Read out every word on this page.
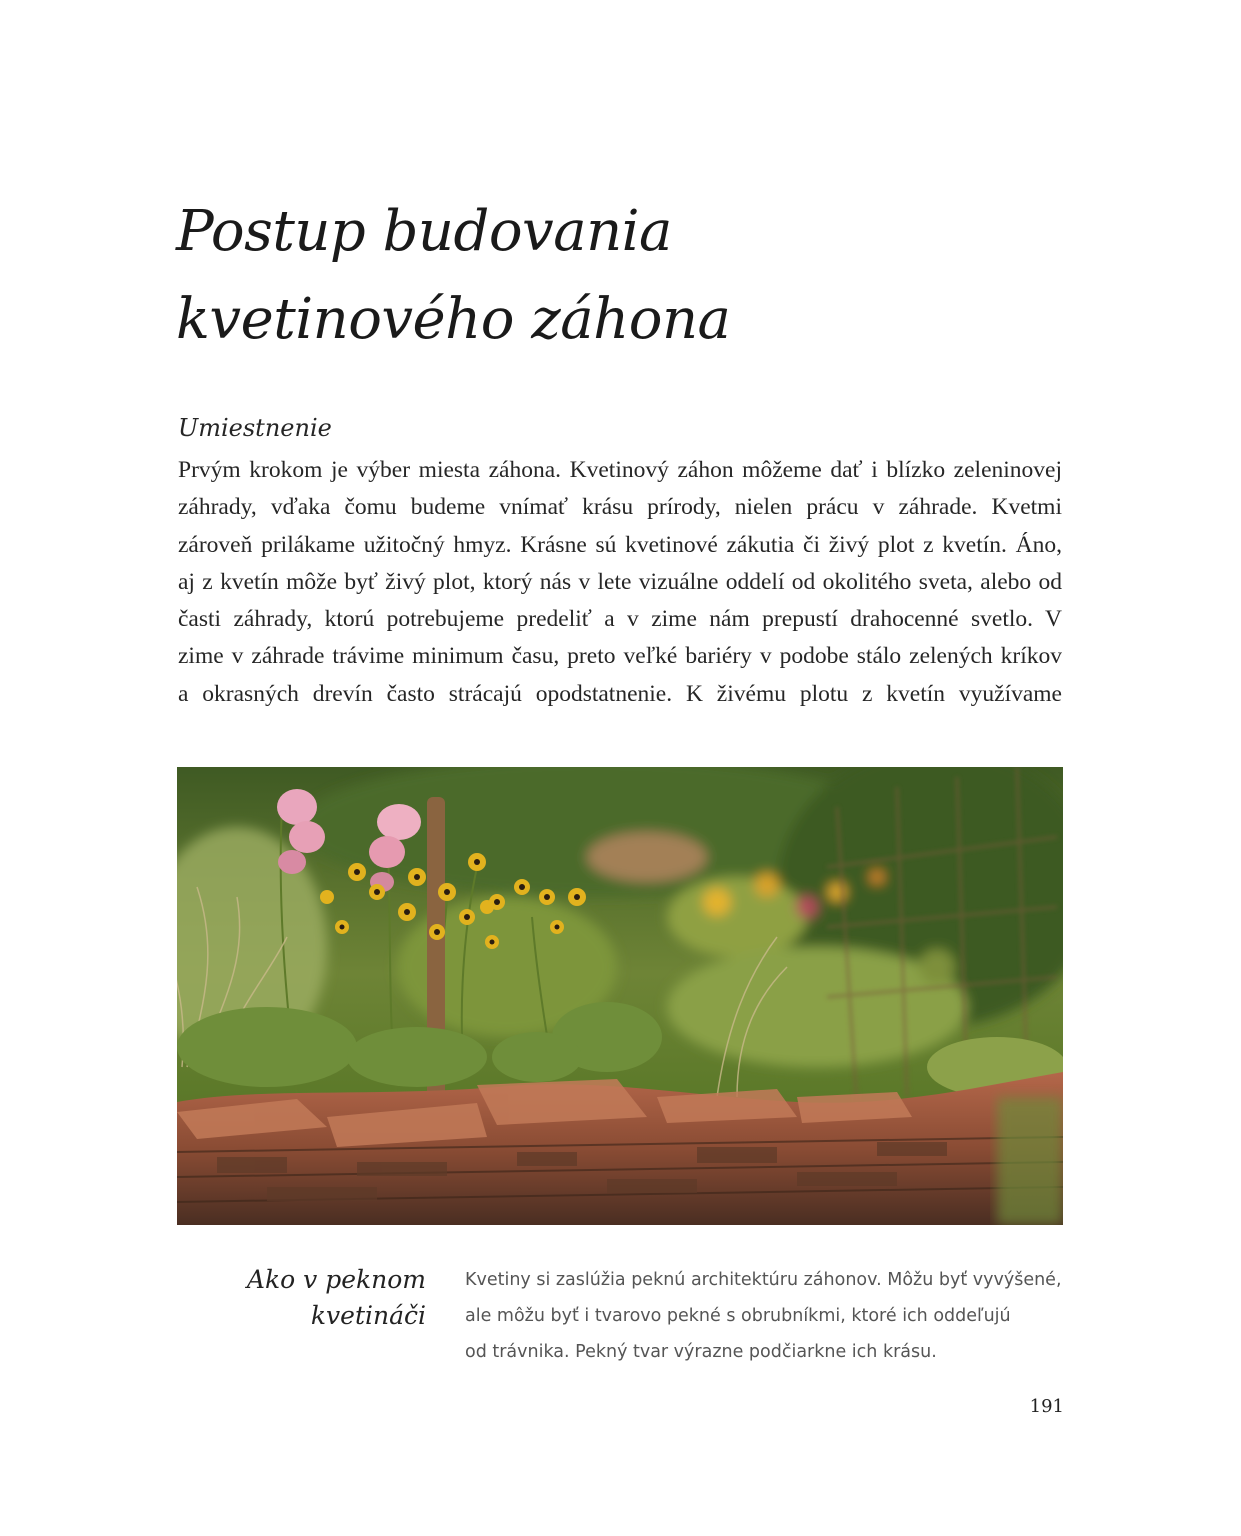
Postup budovania
kvetinového záhona
Umiestnenie

Prvým krokom je výber miesta záhona. Kvetinový záhon môžeme dať i blízko zeleninovej
záhrady, vďaka čomu budeme vnímať krásu prírody, nielen prácu v záhrade. Kvetmi
zároveň prilákame užitočný hmyz. Krásne sú kvetinové zákutia či živý plot z kvetín. Áno,
aj z kvetín môže byť živý plot, ktorý nás v lete vizuálne oddelí od okolitého sveta, alebo od
časti záhrady, ktorú potrebujeme predeliť a v zime nám prepustí drahocenné svetlo. V
zime v záhrade trávime minimum času, preto veľké bariéry v podobe stálo zelených kríkov
a okrasných drevín často strácajú opodstatnenie. K živému plotu z kvetín využívame

Ako v peknom
kvetináči
Kvetiny si zaslúžia peknú architektúru záhonov. Môžu byť vyvýšené,
ale môžu byť i tvarovo pekné s obrubníkmi, ktoré ich oddeľujú
od trávnika. Pekný tvar výrazne podčiarkne ich krásu.
191
